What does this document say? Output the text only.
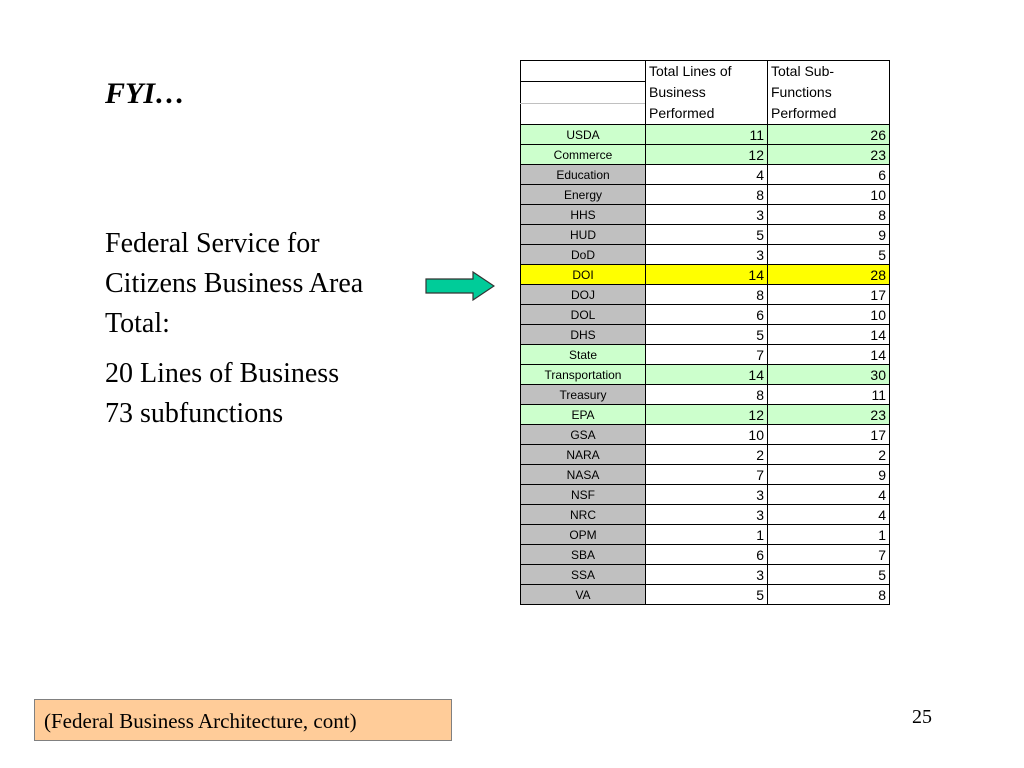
FYI…

Federal Service for Citizens Business Area Total:

20 Lines of Business

73 subfunctions

	Total Lines of Business Performed	Total Sub-Functions Performed

USDA	11	26
Commerce	12	23
Education	4	6
Energy	8	10
HHS	3	8
HUD	5	9
DoD	3	5
DOI	14	28
DOJ	8	17
DOL	6	10
DHS	5	14
State	7	14
Transportation	14	30
Treasury	8	11
EPA	12	23
GSA	10	17
NARA	2	2
NASA	7	9
NSF	3	4
NRC	3	4
OPM	1	1
SBA	6	7
SSA	3	5
VA	5	8
(Federal Business Architecture, cont)	25
